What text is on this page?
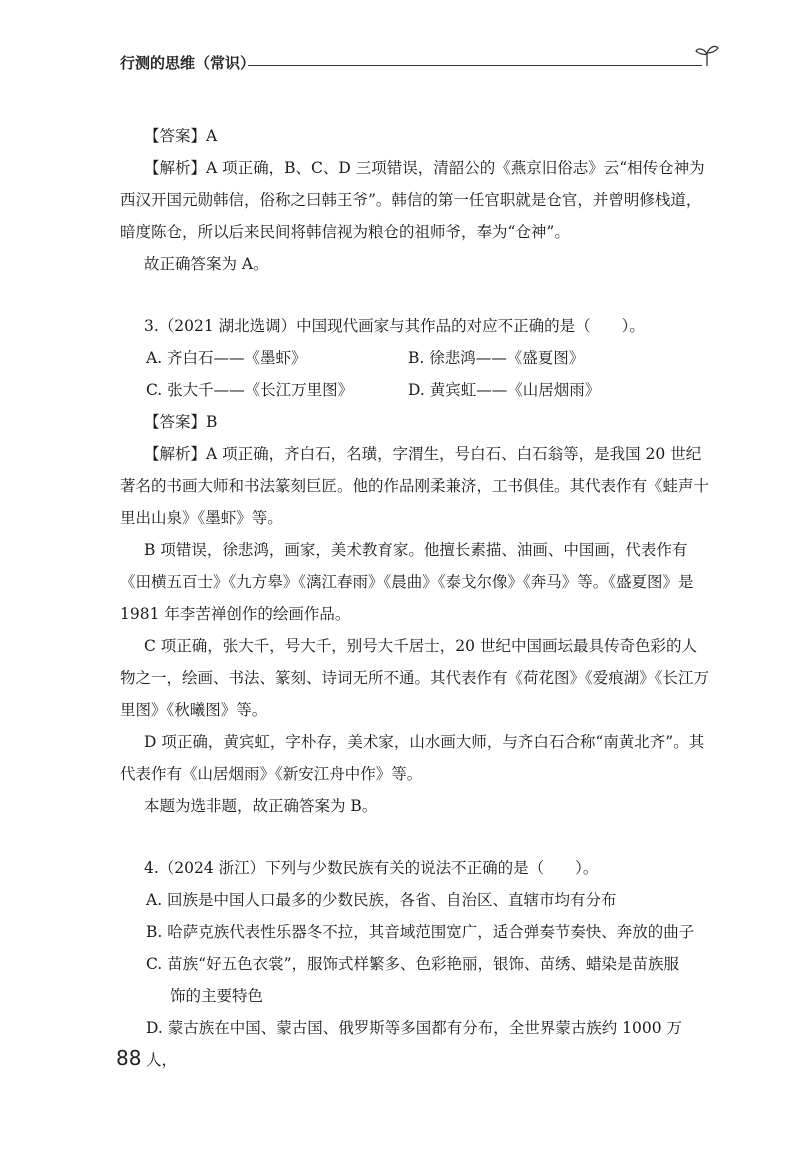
行测的思维（常识）

【答案】A

【解析】A 项正确，B、C、D 三项错误，清韶公的《燕京旧俗志》云“相传仓神为西汉开国元勋韩信，俗称之曰韩王爷”。韩信的第一任官职就是仓官，并曾明修栈道，暗度陈仓，所以后来民间将韩信视为粮仓的祖师爷，奉为“仓神”。

故正确答案为 A。

3.（2021 湖北选调）中国现代画家与其作品的对应不正确的是（　　）。

A. 齐白石——《墨虾》	B. 徐悲鸿——《盛夏图》
C. 张大千——《长江万里图》	D. 黄宾虹——《山居烟雨》

【答案】B

【解析】A 项正确，齐白石，名璜，字渭生，号白石、白石翁等，是我国 20 世纪著名的书画大师和书法篆刻巨匠。他的作品刚柔兼济，工书俱佳。其代表作有《蛙声十里出山泉》《墨虾》等。

B 项错误，徐悲鸿，画家，美术教育家。他擅长素描、油画、中国画，代表作有《田横五百士》《九方皋》《漓江春雨》《晨曲》《泰戈尔像》《奔马》等。《盛夏图》是 1981 年李苦禅创作的绘画作品。

C 项正确，张大千，号大千，别号大千居士，20 世纪中国画坛最具传奇色彩的人物之一，绘画、书法、篆刻、诗词无所不通。其代表作有《荷花图》《爱痕湖》《长江万里图》《秋曦图》等。

D 项正确，黄宾虹，字朴存，美术家，山水画大师，与齐白石合称“南黄北齐”。其代表作有《山居烟雨》《新安江舟中作》等。

本题为选非题，故正确答案为 B。

4.（2024 浙江）下列与少数民族有关的说法不正确的是（　　）。

A. 回族是中国人口最多的少数民族，各省、自治区、直辖市均有分布

B. 哈萨克族代表性乐器冬不拉，其音域范围宽广，适合弹奏节奏快、奔放的曲子

C. 苗族“好五色衣裳”，服饰式样繁多、色彩艳丽，银饰、苗绣、蜡染是苗族服
饰的主要特色

D. 蒙古族在中国、蒙古国、俄罗斯等多国都有分布，全世界蒙古族约 1000 万人，

88
